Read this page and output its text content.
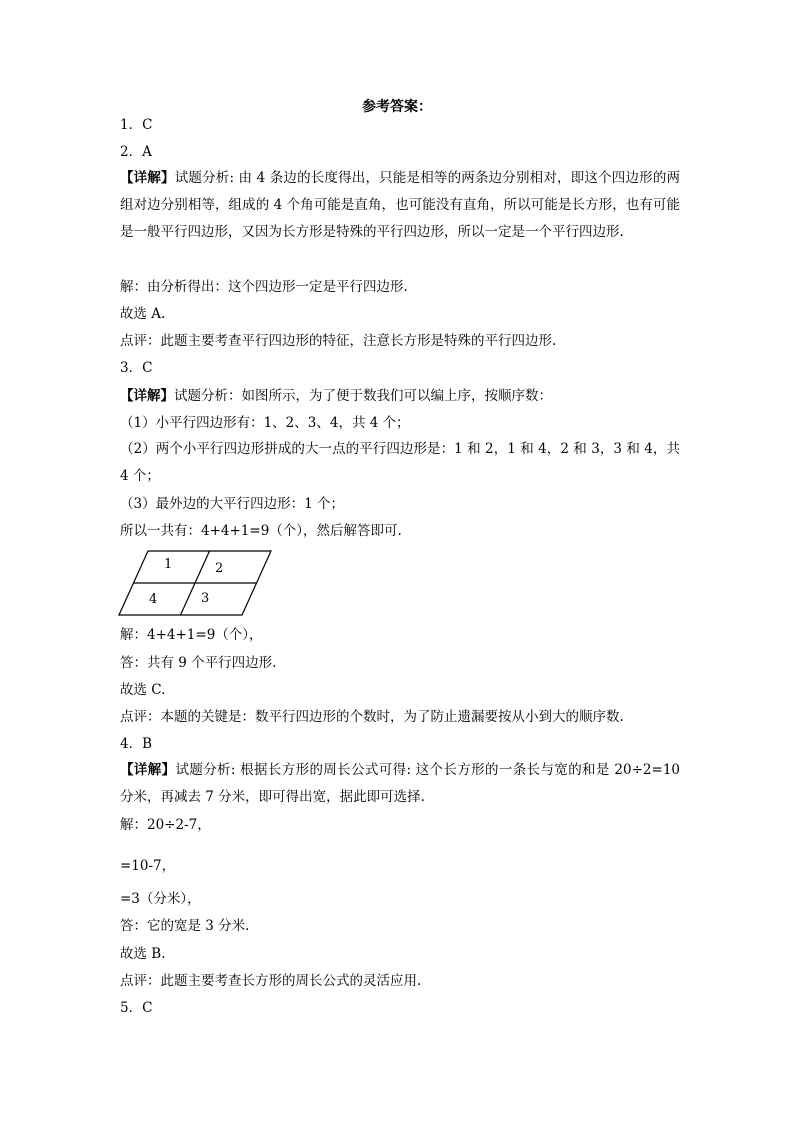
参考答案：
1．C
2．A
【详解】试题分析: 由 4 条边的长度得出，只能是相等的两条边分别相对，即这个四边形的两组对边分别相等，组成的 4 个角可能是直角，也可能没有直角，所以可能是长方形，也有可能是一般平行四边形，又因为长方形是特殊的平行四边形，所以一定是一个平行四边形.
解：由分析得出：这个四边形一定是平行四边形.
故选 A.
点评：此题主要考查平行四边形的特征，注意长方形是特殊的平行四边形.
3．C
【详解】试题分析：如图所示，为了便于数我们可以编上序，按顺序数：
（1）小平行四边形有：1、2、3、4，共 4 个；
（2）两个小平行四边形拼成的大一点的平行四边形是：1 和 2，1 和 4，2 和 3，3 和 4，共 4 个；
（3）最外边的大平行四边形：1 个；
所以一共有：4+4+1=9（个），然后解答即可.
1	2
4	3
解：4+4+1=9（个），
答：共有 9 个平行四边形.
故选 C.
点评：本题的关键是：数平行四边形的个数时，为了防止遗漏要按从小到大的顺序数.
4．B
【详解】试题分析: 根据长方形的周长公式可得: 这个长方形的一条长与宽的和是 20÷2=10 分米，再减去 7 分米，即可得出宽，据此即可选择.
解：20÷2-7，
=10-7，
=3（分米），
答：它的宽是 3 分米.
故选 B.
点评：此题主要考查长方形的周长公式的灵活应用.
5．C
